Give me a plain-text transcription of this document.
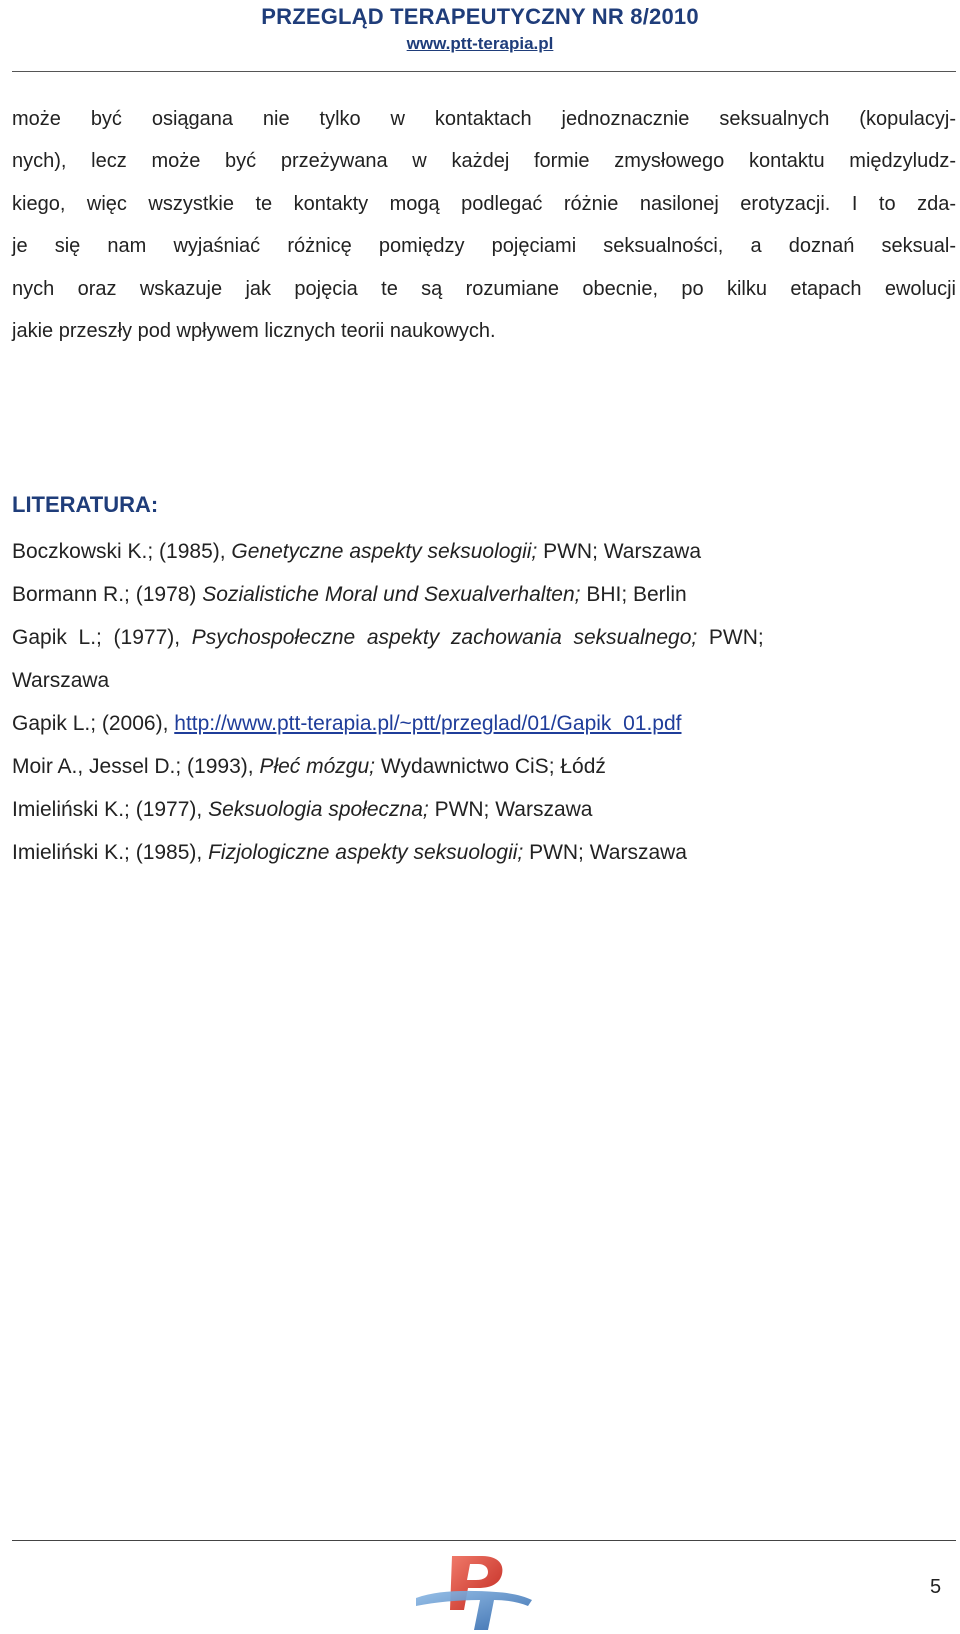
PRZEGLĄD TERAPEUTYCZNY NR 8/2010
www.ptt-terapia.pl
może być osiągana nie tylko w kontaktach jednoznacznie seksualnych (kopulacyj-
nych), lecz może być przeżywana w każdej formie zmysłowego kontaktu międzyludz-
kiego, więc wszystkie te kontakty mogą podlegać różnie nasilonej erotyzacji. I to zda-
je się nam wyjaśniać różnicę pomiędzy pojęciami seksualności, a doznań seksual-
nych oraz wskazuje jak pojęcia te są rozumiane obecnie, po kilku etapach ewolucji
jakie przeszły pod wpływem licznych teorii naukowych.
LITERATURA:
Boczkowski K.; (1985), Genetyczne aspekty seksuologii; PWN; Warszawa
Bormann R.; (1978) Sozialistiche Moral und Sexualverhalten; BHI; Berlin
Gapik  L.;  (1977),  Psychospołeczne  aspekty  zachowania  seksualnego;  PWN;
Warszawa
Gapik L.; (2006), http://www.ptt-terapia.pl/~ptt/przeglad/01/Gapik_01.pdf
Moir A., Jessel D.; (1993), Płeć mózgu; Wydawnictwo CiS; Łódź
Imieliński K.; (1977), Seksuologia społeczna; PWN; Warszawa
Imieliński K.; (1985), Fizjologiczne aspekty seksuologii; PWN; Warszawa
5
